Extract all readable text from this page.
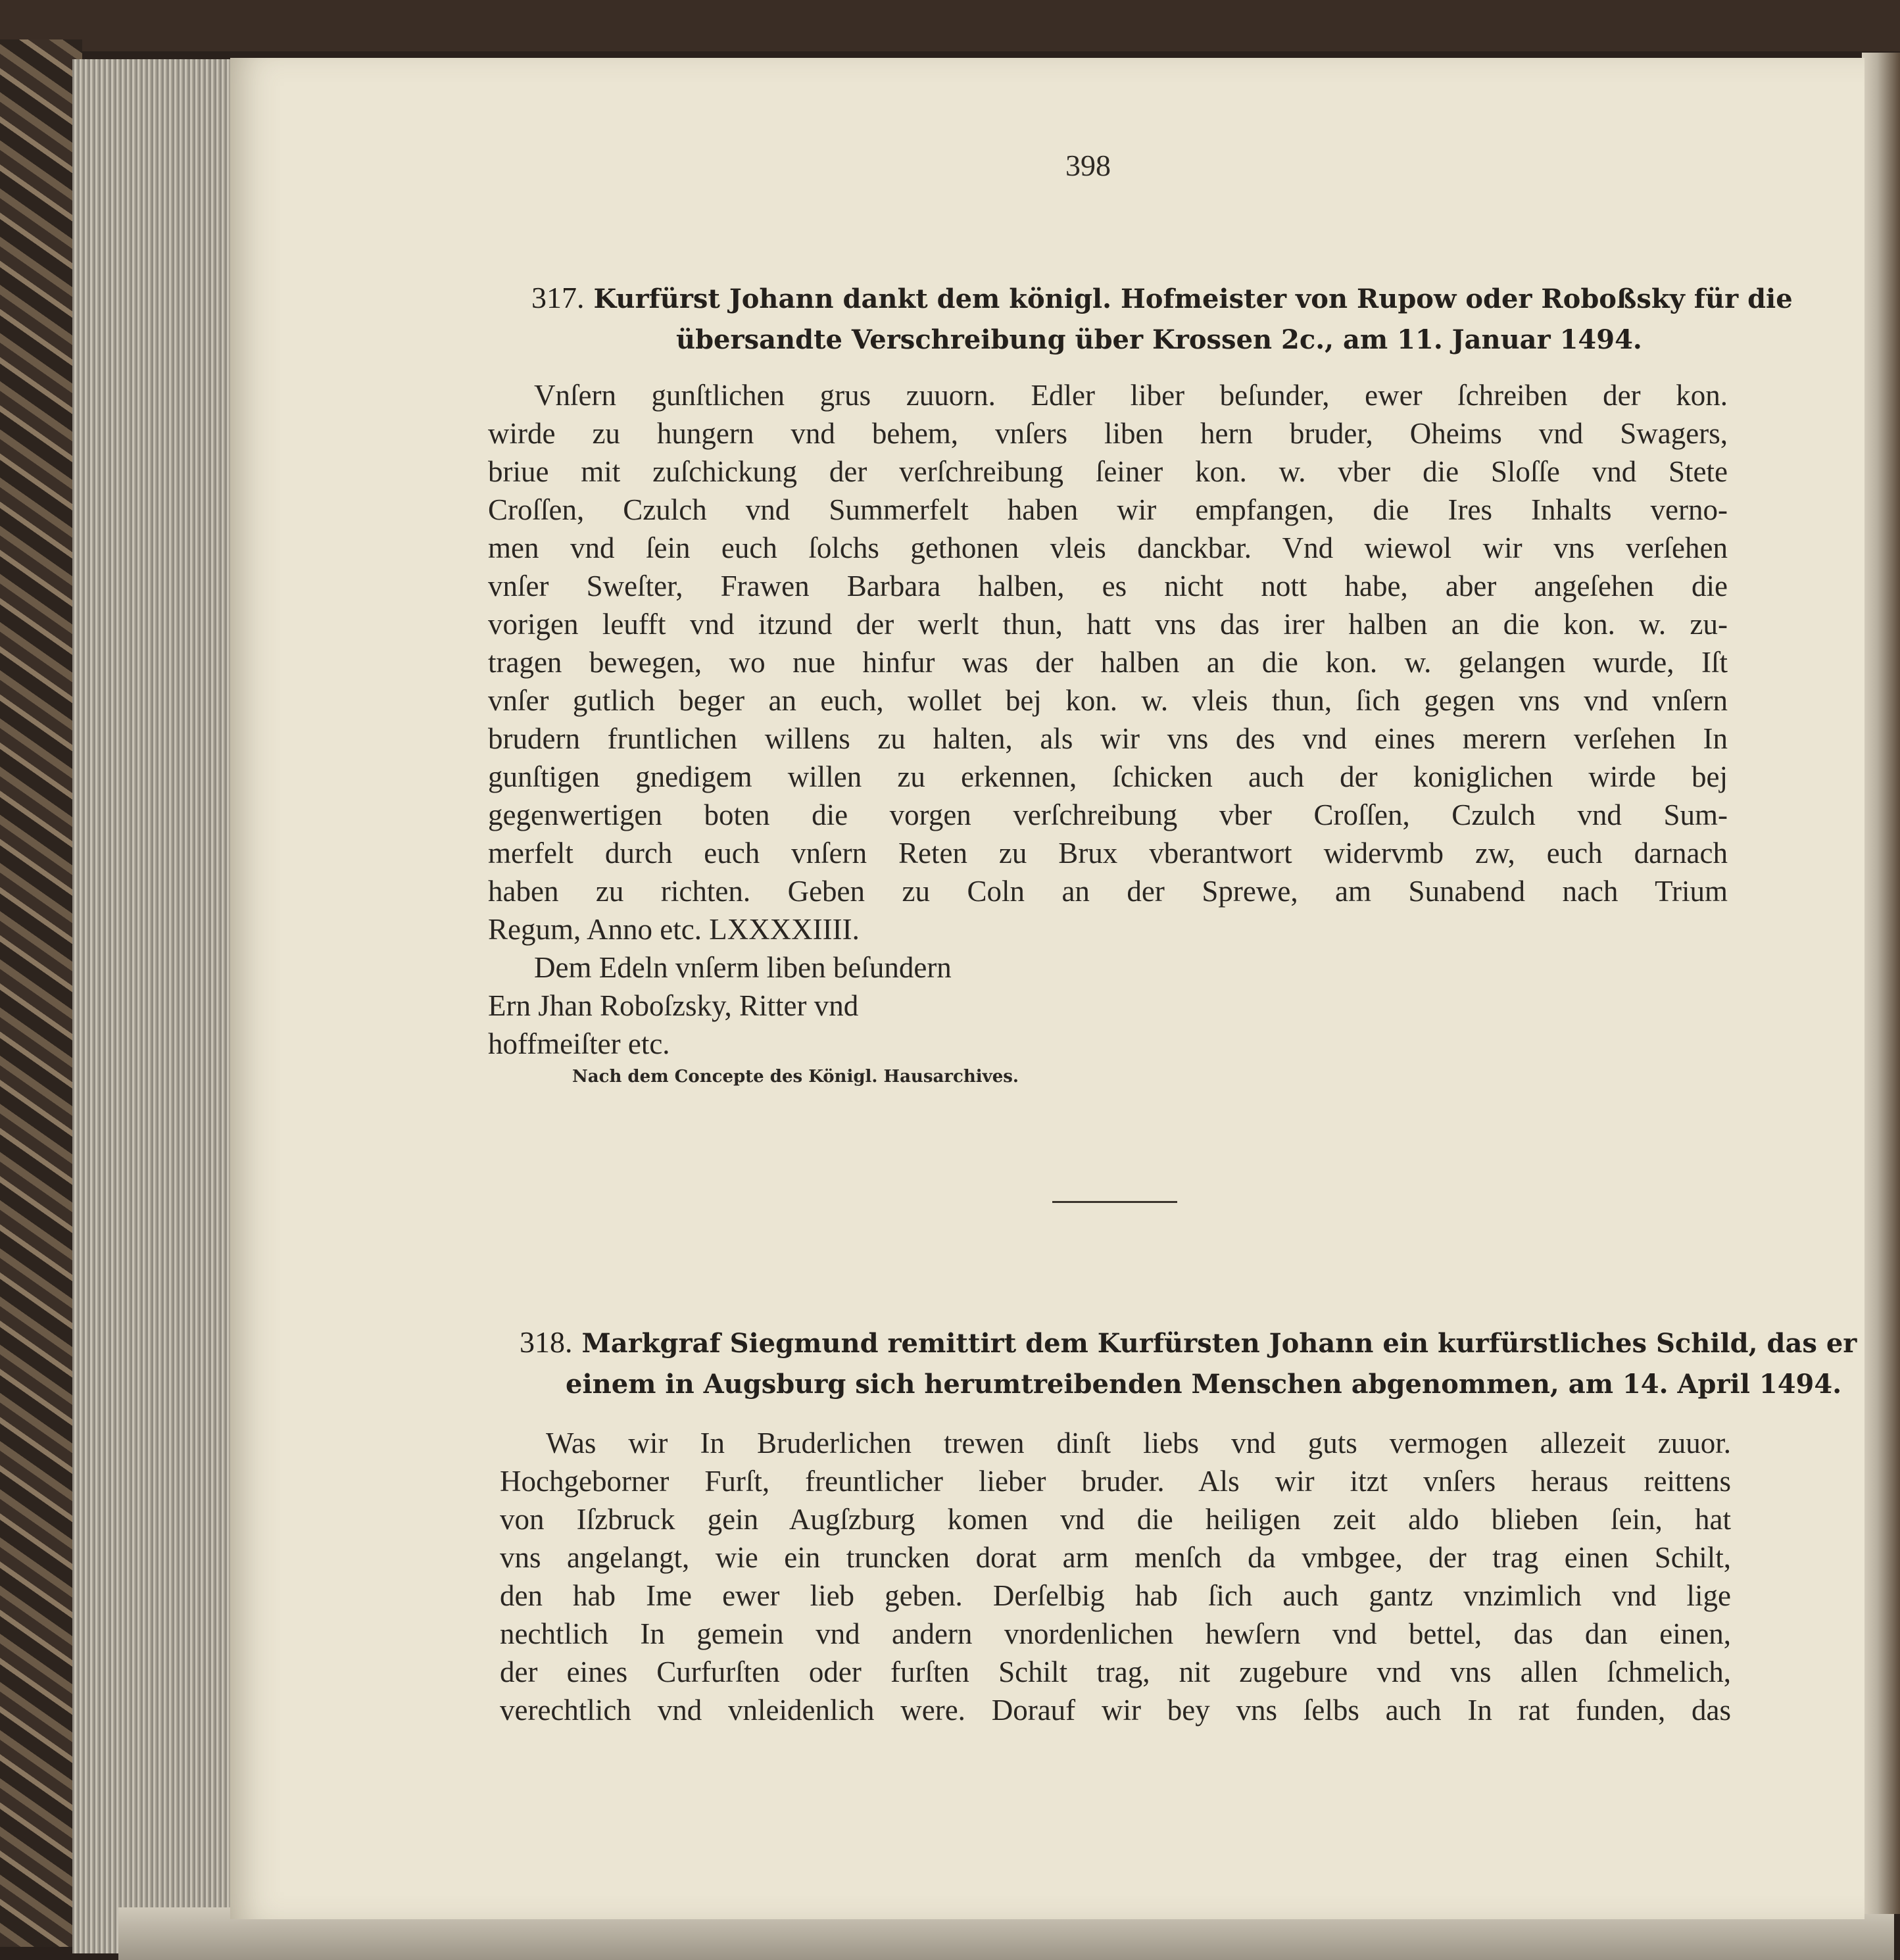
398
317. Kurfürst Johann dankt dem königl. Hofmeister von Rupow oder Roboßsky für die
übersandte Verschreibung über Krossen 2c., am 11. Januar 1494.
Vnſern gunſtlichen grus zuuorn. Edler liber beſunder, ewer ſchreiben der kon.
wirde zu hungern vnd behem, vnſers liben hern bruder, Oheims vnd Swagers,
briue mit zuſchickung der verſchreibung ſeiner kon. w. vber die Sloſſe vnd Stete
Croſſen, Czulch vnd Summerfelt haben wir empfangen, die Ires Inhalts verno-
men vnd ſein euch ſolchs gethonen vleis danckbar. Vnd wiewol wir vns verſehen
vnſer Sweſter, Frawen Barbara halben, es nicht nott habe, aber angeſehen die
vorigen leufft vnd itzund der werlt thun, hatt vns das irer halben an die kon. w. zu-
tragen bewegen, wo nue hinfur was der halben an die kon. w. gelangen wurde, Iſt
vnſer gutlich beger an euch, wollet bej kon. w. vleis thun, ſich gegen vns vnd vnſern
brudern fruntlichen willens zu halten, als wir vns des vnd eines merern verſehen In
gunſtigen gnedigem willen zu erkennen, ſchicken auch der koniglichen wirde bej
gegenwertigen boten die vorgen verſchreibung vber Croſſen, Czulch vnd Sum-
merfelt durch euch vnſern Reten zu Brux vberantwort widervmb zw, euch darnach
haben zu richten. Geben zu Coln an der Sprewe, am Sunabend nach Trium
Regum, Anno etc. LXXXXIIII.
Dem Edeln vnſerm liben beſundern
Ern Jhan Roboſzsky, Ritter vnd
hoffmeiſter etc.
Nach dem Concepte des Königl. Hausarchives.
318. Markgraf Siegmund remittirt dem Kurfürsten Johann ein kurfürstliches Schild, das er
einem in Augsburg sich herumtreibenden Menschen abgenommen, am 14. April 1494.
Was wir In Bruderlichen trewen dinſt liebs vnd guts vermogen allezeit zuuor.
Hochgeborner Furſt, freuntlicher lieber bruder. Als wir itzt vnſers heraus reittens
von Iſzbruck gein Augſzburg komen vnd die heiligen zeit aldo blieben ſein, hat
vns angelangt, wie ein truncken dorat arm menſch da vmbgee, der trag einen Schilt,
den hab Ime ewer lieb geben. Derſelbig hab ſich auch gantz vnzimlich vnd lige
nechtlich In gemein vnd andern vnordenlichen hewſern vnd bettel, das dan einen,
der eines Curfurſten oder furſten Schilt trag, nit zugebure vnd vns allen ſchmelich,
verechtlich vnd vnleidenlich were. Dorauf wir bey vns ſelbs auch In rat funden, das
